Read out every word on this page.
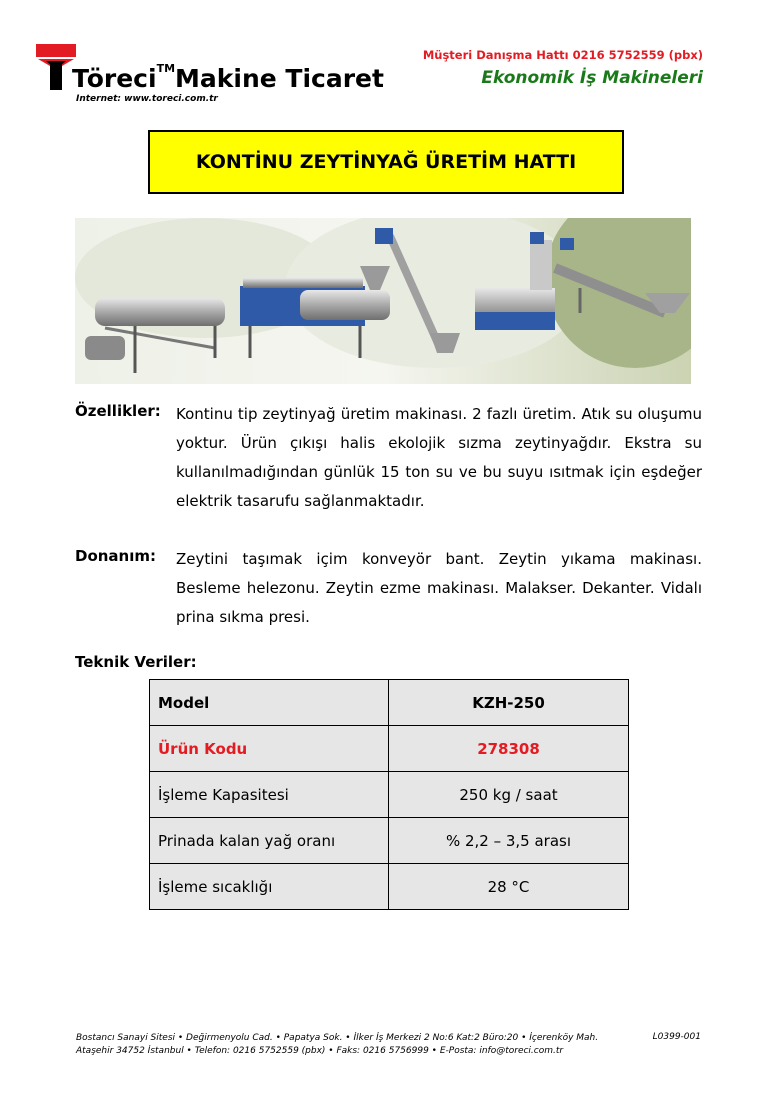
Töreci™Makine Ticaret
Internet: www.toreci.com.tr
Müşteri Danışma Hattı 0216 5752559 (pbx)
Ekonomik İş Makineleri
KONTİNU ZEYTİNYAĞ ÜRETİM HATTI
Özellikler: Kontinu tip zeytinyağ üretim makinası. 2 fazlı üretim. Atık su oluşumu yoktur. Ürün çıkışı halis ekolojik sızma zeytinyağdır. Ekstra su kullanılmadığından günlük 15 ton su ve bu suyu ısıtmak için eşdeğer elektrik tasarufu sağlanmaktadır.
Donanım: Zeytini taşımak içim konveyör bant. Zeytin yıkama makinası. Besleme helezonu. Zeytin ezme makinası. Malakser. Dekanter. Vidalı prina sıkma presi.
Teknik Veriler:
Model	KZH-250
Ürün Kodu	278308
İşleme Kapasitesi	250 kg / saat
Prinada kalan yağ oranı	% 2,2 – 3,5 arası
İşleme sıcaklığı	28 °C
Bostancı Sanayi Sitesi • Değirmenyolu Cad. • Papatya Sok. • İlker İş Merkezi 2 No:6 Kat:2 Büro:20 • İçerenköy Mah.
Ataşehir 34752 İstanbul • Telefon: 0216 5752559 (pbx) • Faks: 0216 5756999 • E-Posta: info@toreci.com.tr
L0399-001
